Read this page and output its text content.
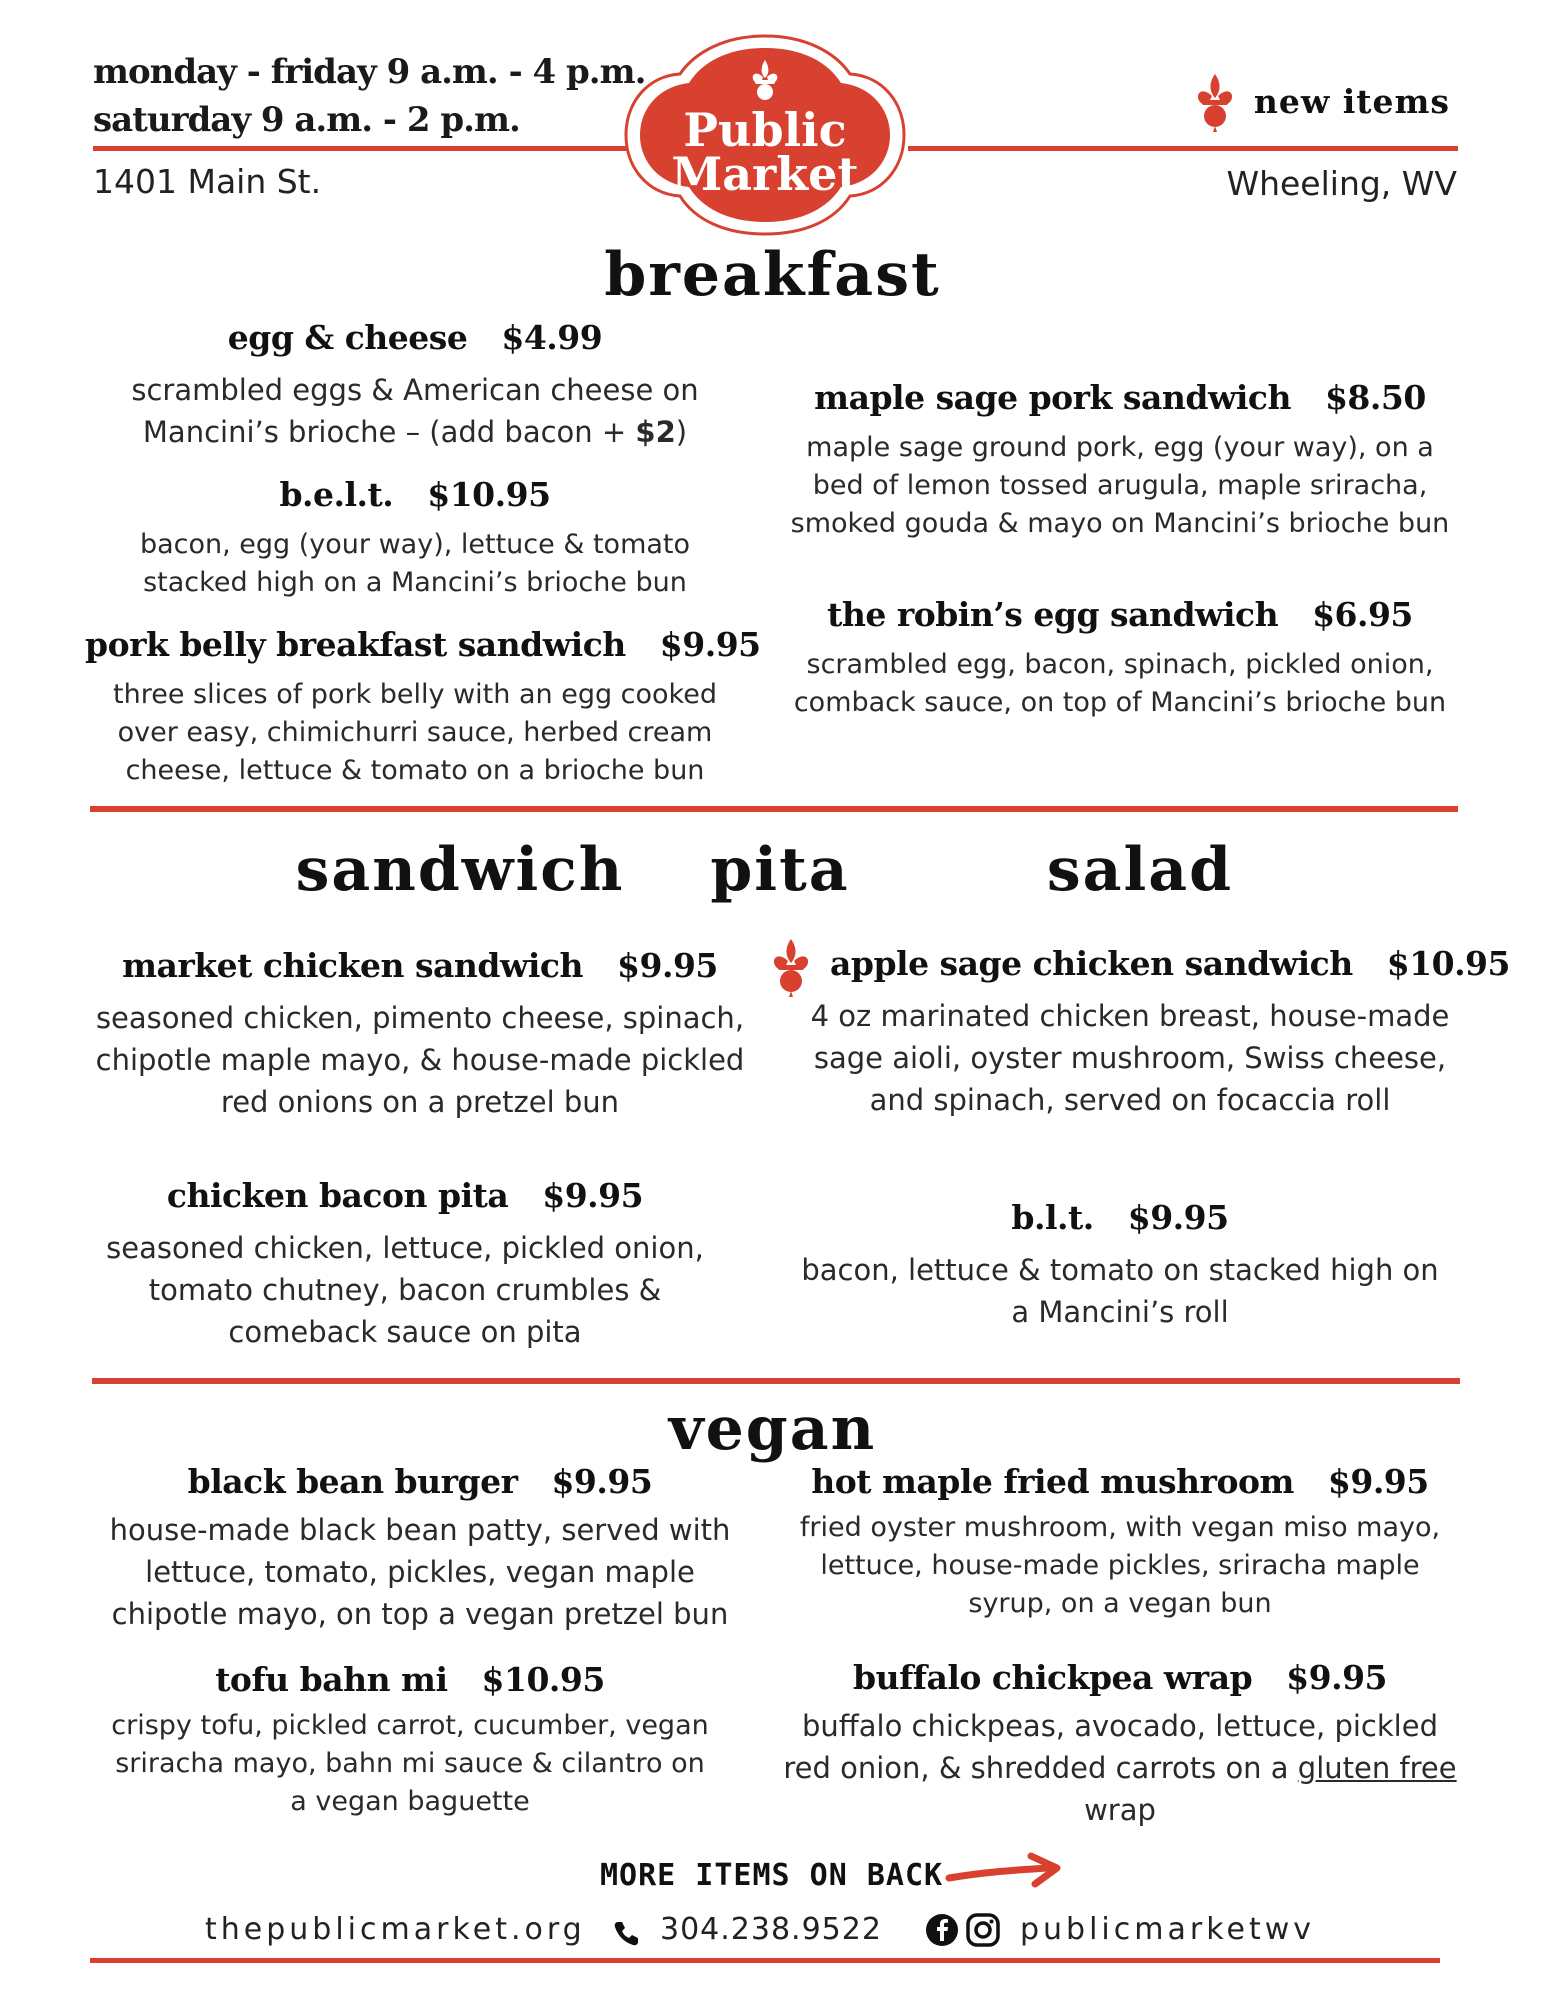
monday - friday 9 a.m. - 4 p.m.
saturday 9 a.m. - 2 p.m.
1401 Main St.	Wheeling, WV
new items
Public
Market
breakfast
egg & cheese $4.99
scrambled eggs & American cheese on Mancini’s brioche – (add bacon + $2)
b.e.l.t. $10.95
bacon, egg (your way), lettuce & tomato stacked high on a Mancini’s brioche bun
pork belly breakfast sandwich $9.95
three slices of pork belly with an egg cooked over easy, chimichurri sauce, herbed cream cheese, lettuce & tomato on a brioche bun
maple sage pork sandwich $8.50
maple sage ground pork, egg (your way), on a bed of lemon tossed arugula, maple sriracha, smoked gouda & mayo on Mancini’s brioche bun
the robin’s egg sandwich $6.95
scrambled egg, bacon, spinach, pickled onion, comback sauce, on top of Mancini’s brioche bun
sandwich	pita	salad
market chicken sandwich $9.95
seasoned chicken, pimento cheese, spinach, chipotle maple mayo, & house-made pickled red onions on a pretzel bun
apple sage chicken sandwich $10.95
4 oz marinated chicken breast, house-made sage aioli, oyster mushroom, Swiss cheese, and spinach, served on focaccia roll
chicken bacon pita $9.95
seasoned chicken, lettuce, pickled onion, tomato chutney, bacon crumbles & comeback sauce on pita
b.l.t. $9.95
bacon, lettuce & tomato on stacked high on a Mancini’s roll
vegan
black bean burger $9.95
house-made black bean patty, served with lettuce, tomato, pickles, vegan maple chipotle mayo, on top a vegan pretzel bun
hot maple fried mushroom $9.95
fried oyster mushroom, with vegan miso mayo, lettuce, house-made pickles, sriracha maple syrup, on a vegan bun
tofu bahn mi $10.95
crispy tofu, pickled carrot, cucumber, vegan sriracha mayo, bahn mi sauce & cilantro on a vegan baguette
buffalo chickpea wrap $9.95
buffalo chickpeas, avocado, lettuce, pickled red onion, & shredded carrots on a gluten free wrap
MORE ITEMS ON BACK
thepublicmarket.org 304.238.9522	publicmarketwv
